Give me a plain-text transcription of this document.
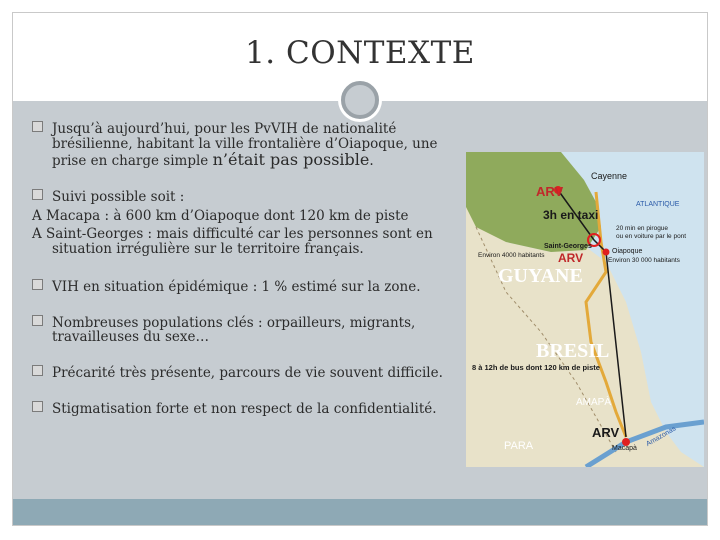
1. CONTEXTE
Jusqu’à aujourd’hui, pour les PvVIH de nationalité
brésilienne, habitant la ville frontalière d’Oiapoque, une
prise en charge simple n’était pas possible.
Suivi possible soit :
A Macapa : à 600 km d’Oiapoque dont 120 km de piste
A Saint-Georges : mais difficulté car les personnes sont en
situation irrégulière sur le territoire français.
VIH en situation épidémique : 1 % estimé sur la zone.
Nombreuses populations clés : orpailleurs, migrants,
travailleuses du sexe…
Précarité très présente, parcours de vie souvent difficile.
Stigmatisation forte et non respect de la confidentialité.
ARV
Cayenne
ATLANTIQUE
3h en taxi
20 min en pirogue
ou en voiture par le pont
Saint-Georges
Environ 4000 habitants
Oiapoque
Environ 30 000 habitants
ARV
GUYANE
BRESIL
8 à 12h de bus dont 120 km de piste
AMAPÀ
ARV
Macapà
PARA	Amazonas
